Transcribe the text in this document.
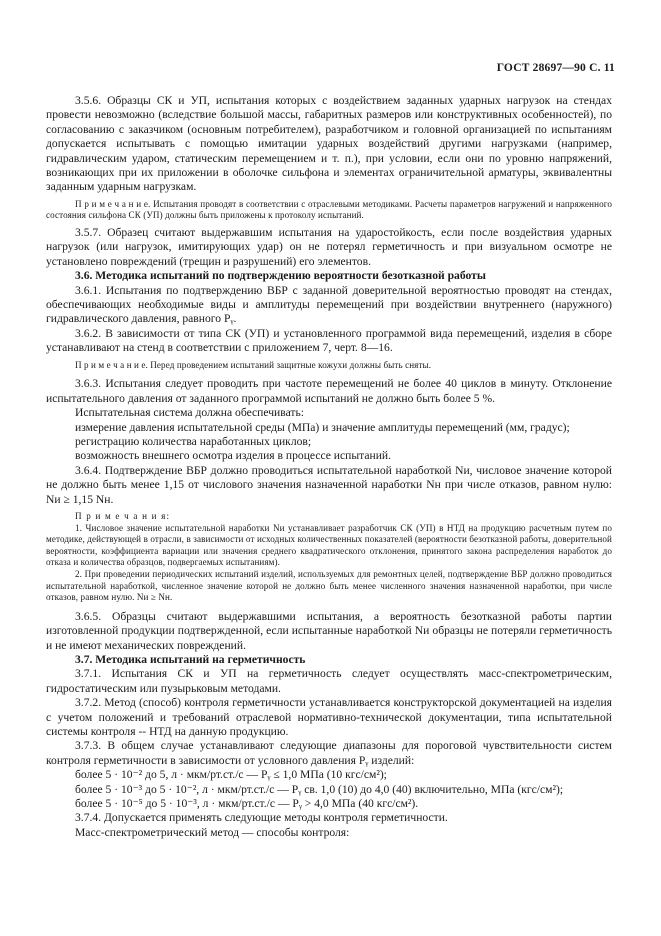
ГОСТ 28697—90 С. 11

3.5.6. Образцы СК и УП, испытания которых с воздействием заданных ударных нагрузок на стендах провести невозможно (вследствие большой массы, габаритных размеров или конструктивных особенностей), по согласованию с заказчиком (основным потребителем), разработчиком и головной организацией по испытаниям допускается испытывать с помощью имитации ударных воздействий другими нагрузками (например, гидравлическим ударом, статическим перемещением и т. п.), при условии, если они по уровню напряжений, возникающих при их приложении в оболочке сильфона и элементах ограничительной арматуры, эквивалентны заданным ударным нагрузкам.

П р и м е ч а н и е. Испытания проводят в соответствии с отраслевыми методиками. Расчеты параметров нагружений и напряженного состояния сильфона СК (УП) должны быть приложены к протоколу испытаний.

3.5.7. Образец считают выдержавшим испытания на ударостойкость, если после воздействия ударных нагрузок (или нагрузок, имитирующих удар) он не потерял герметичность и при визуальном осмотре не установлено повреждений (трещин и разрушений) его элементов.

3.6. Методика испытаний по подтверждению вероятности безотказной работы

3.6.1. Испытания по подтверждению ВБР с заданной доверительной вероятностью проводят на стендах, обеспечивающих необходимые виды и амплитуды перемещений при воздействии внутреннего (наружного) гидравлического давления, равного Pᵧ.

3.6.2. В зависимости от типа СК (УП) и установленного программой вида перемещений, изделия в сборе устанавливают на стенд в соответствии с приложением 7, черт. 8—16.

П р и м е ч а н и е. Перед проведением испытаний защитные кожухи должны быть сняты.

3.6.3. Испытания следует проводить при частоте перемещений не более 40 циклов в минуту. Отклонение испытательного давления от заданного программой испытаний не должно быть более 5 %.

Испытательная система должна обеспечивать:

измерение давления испытательной среды (МПа) и значение амплитуды перемещений (мм, градус);

регистрацию количества наработанных циклов;

возможность внешнего осмотра изделия в процессе испытаний.

3.6.4. Подтверждение ВБР должно проводиться испытательной наработкой Nи, числовое значение которой не должно быть менее 1,15 от числового значения назначенной наработки Nн при числе отказов, равном нулю: Nи ≥ 1,15 Nн.

П р и м е ч а н и я:

1. Числовое значение испытательной наработки Nи устанавливает разработчик СК (УП) в НТД на продукцию расчетным путем по методике, действующей в отрасли, в зависимости от исходных количественных показателей (вероятности безотказной работы, доверительной вероятности, коэффициента вариации или значения среднего квадратического отклонения, принятого закона распределения наработок до отказа и количества образцов, подвергаемых испытаниям).

2. При проведении периодических испытаний изделий, используемых для ремонтных целей, подтверждение ВБР должно проводиться испытательной наработкой, численное значение которой не должно быть менее численного значения назначенной наработки, при числе отказов, равном нулю. Nи ≥ Nн.

3.6.5. Образцы считают выдержавшими испытания, а вероятность безотказной работы партии изготовленной продукции подтвержденной, если испытанные наработкой Nи образцы не потеряли герметичность и не имеют механических повреждений.

3.7. Методика испытаний на герметичность

3.7.1. Испытания СК и УП на герметичность следует осуществлять масс-спектрометрическим, гидростатическим или пузырьковым методами.

3.7.2. Метод (способ) контроля герметичности устанавливается конструкторской документацией на изделия с учетом положений и требований отраслевой нормативно-технической документации, типа испытательной системы контроля -- НТД на данную продукцию.

3.7.3. В общем случае устанавливают следующие диапазоны для пороговой чувствительности систем контроля герметичности в зависимости от условного давления Pᵧ изделий:

более 5 · 10⁻² до 5, л · мкм/рт.ст./с — Pᵧ ≤ 1,0 МПа (10 кгс/см²);

более 5 · 10⁻³ до 5 · 10⁻², л · мкм/рт.ст./с — Pᵧ св. 1,0 (10) до 4,0 (40) включительно, МПа (кгс/см²);

более 5 · 10⁻⁵ до 5 · 10⁻³, л · мкм/рт.ст./с — Pᵧ > 4,0 МПа (40 кгс/см²).

3.7.4. Допускается применять следующие методы контроля герметичности.

Масс-спектрометрический метод — способы контроля:
